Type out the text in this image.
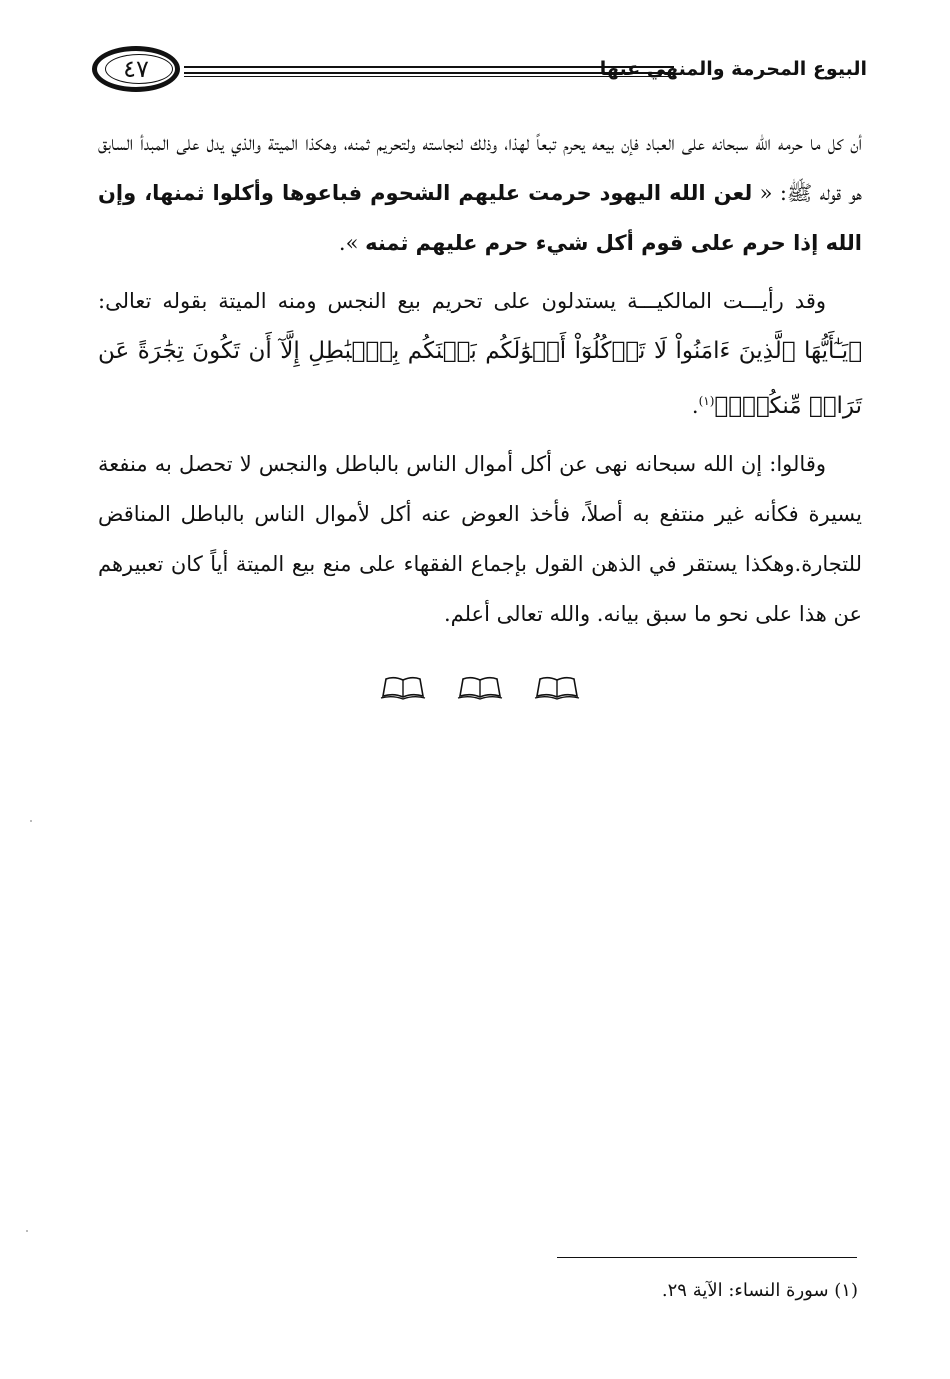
٤٧	البيوع المحرمة والمنهي عنها

أن كل ما حرمه الله سبحانه على العباد فإن بيعه يحرم تبعاً لهذا، وذلك لنجاسته ولتحريم ثمنه، وهكذا الميتة والذي يدل على المبدأ السابق هو قوله ﷺ: « لعن الله اليهود حرمت عليهم الشحوم فباعوها وأكلوا ثمنها، وإن الله إذا حرم على قوم أكل شيء حرم عليهم ثمنه ».

وقد رأيـــت المالكيـــة يستدلون على تحريم بيع النجس ومنه الميتة بقوله تعالى: ﴿يَـٰٓأَيُّهَا ٱلَّذِينَ ءَامَنُواْ لَا تَأۡكُلُوٓاْ أَمۡوَٰلَكُم بَيۡنَكُم بِٱلۡبَٰطِلِ إِلَّآ أَن تَكُونَ تِجَٰرَةً عَن تَرَاضٖ مِّنكُمۡۚ﴾$^{(١)}$.

وقالوا: إن الله سبحانه نهى عن أكل أموال الناس بالباطل والنجس لا تحصل به منفعة يسيرة فكأنه غير منتفع به أصلاً، فأخذ العوض عنه أكل لأموال الناس بالباطل المناقض للتجارة.وهكذا يستقر في الذهن القول بإجماع الفقهاء على منع بيع الميتة أياً كان تعبيرهم عن هذا على نحو ما سبق بيانه. والله تعالى أعلم.

(١) سورة النساء: الآية ٢٩.
